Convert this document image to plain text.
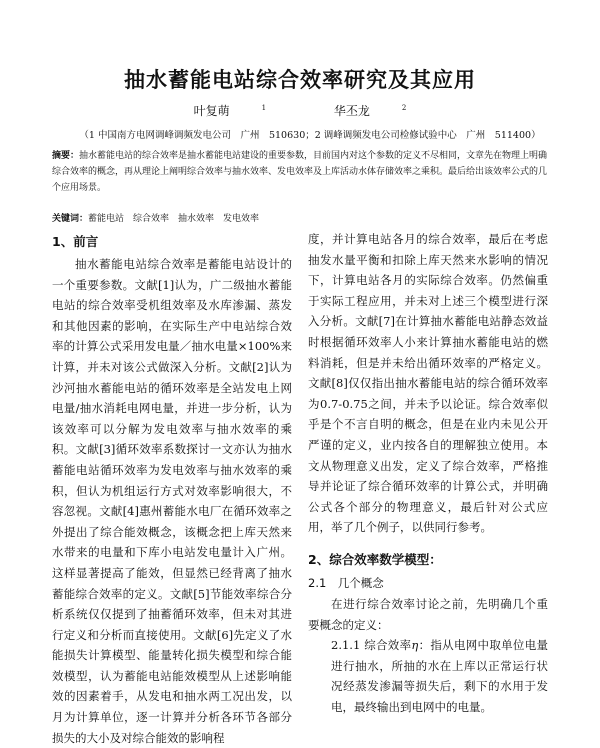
抽水蓄能电站综合效率研究及其应用
叶复萌	$^1$	华丕龙	$^2$
（1 中国南方电网调峰调频发电公司　广州　510630；2 调峰调频发电公司检修试验中心　广州　511400）
摘要：抽水蓄能电站的综合效率是抽水蓄能电站建设的重要参数，目前国内对这个参数的定义不尽相同，文章先在物理上明确综合效率的概念，再从理论上阐明综合效率与抽水效率、发电效率及上库活动水体存储效率之乘积。最后给出该效率公式的几个应用场景。
关键词：蓄能电站　综合效率　抽水效率　发电效率

1、前言

抽水蓄能电站综合效率是蓄能电站设计的一个重要参数。文献[1]认为，广二级抽水蓄能电站的综合效率受机组效率及水库渗漏、蒸发和其他因素的影响，在实际生产中电站综合效率的计算公式采用发电量／抽水电量×100%来计算，并未对该公式做深入分析。文献[2]认为沙河抽水蓄能电站的循环效率是全站发电上网电量/抽水消耗电网电量，并进一步分析，认为该效率可以分解为发电效率与抽水效率的乘积。文献[3]循环效率系数探讨一文亦认为抽水蓄能电站循环效率为发电效率与抽水效率的乘积，但认为机组运行方式对效率影响很大，不容忽视。文献[4]惠州蓄能水电厂在循环效率之外提出了综合能效概念，该概念把上库天然来水带来的电量和下库小电站发电量计入广州。这样显著提高了能效，但显然已经背离了抽水蓄能综合效率的定义。文献[5]节能效率综合分析系统仅仅提到了抽蓄循环效率，但未对其进行定义和分析而直接使用。文献[6]先定义了水能损失计算模型、能量转化损失模型和综合能效模型，认为蓄能电站能效模型从上述影响能效的因素着手，从发电和抽水两工况出发，以月为计算单位，逐一计算并分析各环节各部分损失的大小及对综合能效的影响程

度，并计算电站各月的综合效率，最后在考虑抽发水量平衡和扣除上库天然来水影响的情况下，计算电站各月的实际综合效率。仍然偏重于实际工程应用，并未对上述三个模型进行深入分析。文献[7]在计算抽水蓄能电站静态效益时根据循环效率人小来计算抽水蓄能电站的燃料消耗，但是并未给出循环效率的严格定义。文献[8]仅仅指出抽水蓄能电站的综合循环效率为0.7-0.75之间，并未予以论证。综合效率似乎是个不言自明的概念，但是在业内未见公开严谨的定义，业内按各自的理解独立使用。本文从物理意义出发，定义了综合效率，严格推导并论证了综合循环效率的计算公式，并明确公式各个部分的物理意义，最后针对公式应用，举了几个例子，以供同行参考。

2、综合效率数学模型：

2.1　几个概念

在进行综合效率讨论之前，先明确几个重要概念的定义：

2.1.1 综合效率η：指从电网中取单位电量进行抽水，所抽的水在上库以正常运行状况经蒸发渗漏等损失后，剩下的水用于发电，最终输出到电网中的电量。
